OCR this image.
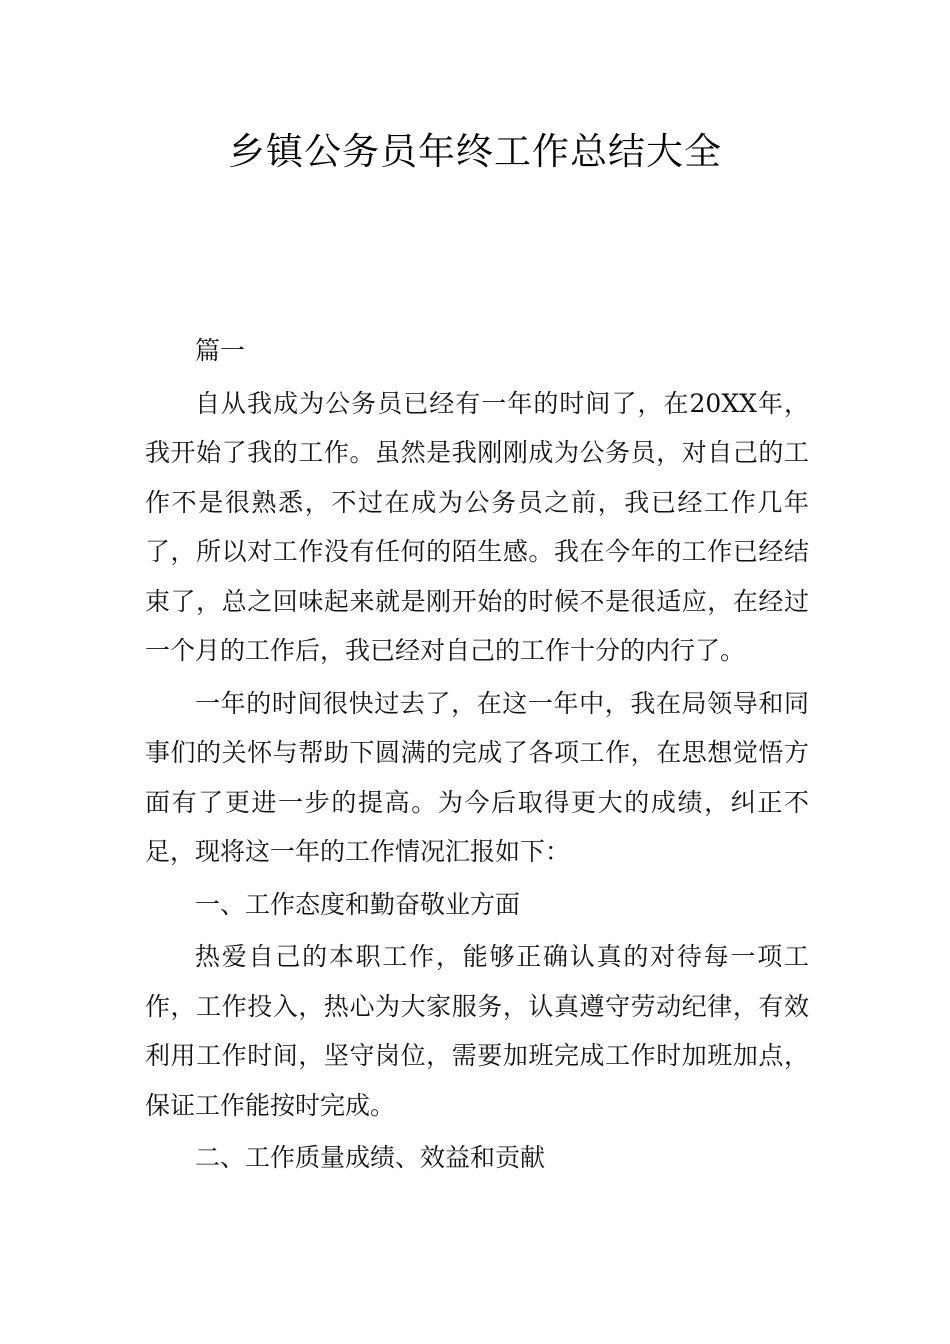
乡镇公务员年终工作总结大全

篇一

自从我成为公务员已经有一年的时间了，在20XX年，我开始了我的工作。虽然是我刚刚成为公务员，对自己的工作不是很熟悉，不过在成为公务员之前，我已经工作几年了，所以对工作没有任何的陌生感。我在今年的工作已经结束了，总之回味起来就是刚开始的时候不是很适应，在经过一个月的工作后，我已经对自己的工作十分的内行了。

一年的时间很快过去了，在这一年中，我在局领导和同事们的关怀与帮助下圆满的完成了各项工作，在思想觉悟方面有了更进一步的提高。为今后取得更大的成绩，纠正不足，现将这一年的工作情况汇报如下：

一、工作态度和勤奋敬业方面

热爱自己的本职工作，能够正确认真的对待每一项工作，工作投入，热心为大家服务，认真遵守劳动纪律，有效利用工作时间，坚守岗位，需要加班完成工作时加班加点，保证工作能按时完成。

二、工作质量成绩、效益和贡献
